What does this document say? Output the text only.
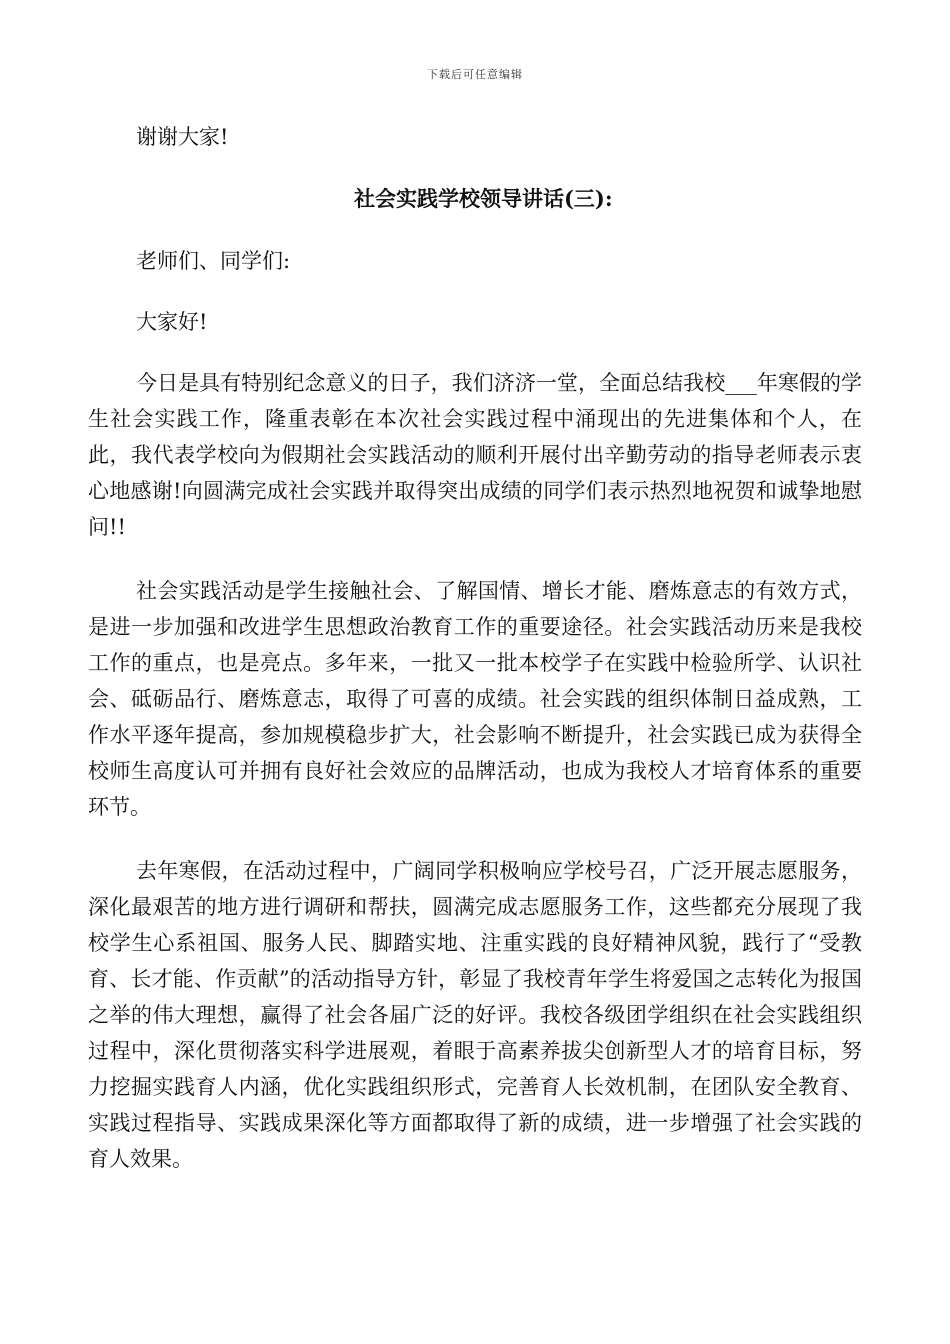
下载后可任意编辑

谢谢大家!

社会实践学校领导讲话(三):

老师们、同学们:

大家好!

今日是具有特别纪念意义的日子，我们济济一堂，全面总结我校___年寒假的学生社会实践工作，隆重表彰在本次社会实践过程中涌现出的先进集体和个人，在此，我代表学校向为假期社会实践活动的顺利开展付出辛勤劳动的指导老师表示衷心地感谢!向圆满完成社会实践并取得突出成绩的同学们表示热烈地祝贺和诚挚地慰问!!

社会实践活动是学生接触社会、了解国情、增长才能、磨炼意志的有效方式，是进一步加强和改进学生思想政治教育工作的重要途径。社会实践活动历来是我校工作的重点，也是亮点。多年来，一批又一批本校学子在实践中检验所学、认识社会、砥砺品行、磨炼意志，取得了可喜的成绩。社会实践的组织体制日益成熟，工作水平逐年提高，参加规模稳步扩大，社会影响不断提升，社会实践已成为获得全校师生高度认可并拥有良好社会效应的品牌活动，也成为我校人才培育体系的重要环节。

去年寒假，在活动过程中，广阔同学积极响应学校号召，广泛开展志愿服务，深化最艰苦的地方进行调研和帮扶，圆满完成志愿服务工作，这些都充分展现了我校学生心系祖国、服务人民、脚踏实地、注重实践的良好精神风貌，践行了“受教育、长才能、作贡献”的活动指导方针，彰显了我校青年学生将爱国之志转化为报国之举的伟大理想，赢得了社会各届广泛的好评。我校各级团学组织在社会实践组织过程中，深化贯彻落实科学进展观，着眼于高素养拔尖创新型人才的培育目标，努力挖掘实践育人内涵，优化实践组织形式，完善育人长效机制，在团队安全教育、实践过程指导、实践成果深化等方面都取得了新的成绩，进一步增强了社会实践的育人效果。
